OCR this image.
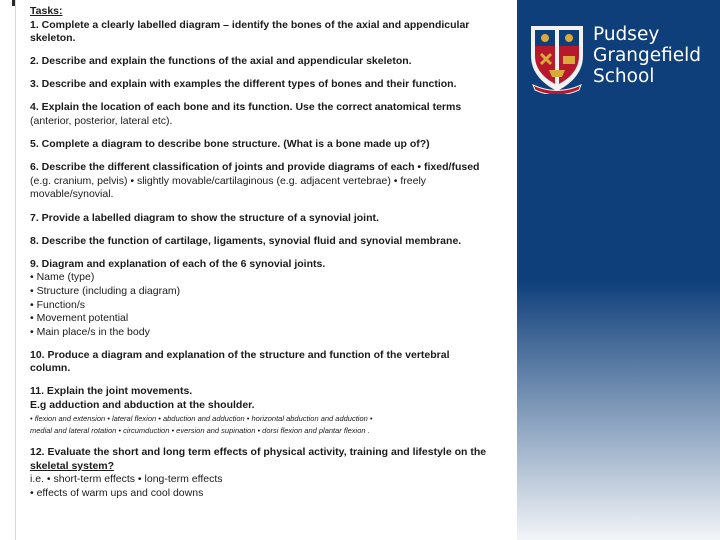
Pudsey
Grangefield
School
Tasks:
1. Complete a clearly labelled diagram – identify the bones of the axial and appendicular
skeleton.
2. Describe and explain the functions of the axial and appendicular skeleton.
3. Describe and explain with examples the different types of bones and their function.
4. Explain the location of each bone and its function. Use the correct anatomical terms
(anterior, posterior, lateral etc).
5. Complete a diagram to describe bone structure. (What is a bone made up of?)
6. Describe the different classification of joints and provide diagrams of each • fixed/fused
(e.g. cranium, pelvis) • slightly movable/cartilaginous (e.g. adjacent vertebrae) • freely
movable/synovial.
7. Provide a labelled diagram to show the structure of a synovial joint.
8. Describe the function of cartilage, ligaments, synovial fluid and synovial membrane.
9. Diagram and explanation of each of the 6 synovial joints.
• Name (type)
• Structure (including a diagram)
• Function/s
• Movement potential
• Main place/s in the body
10. Produce a diagram and explanation of the structure and function of the vertebral
column.
11. Explain the joint movements.
E.g adduction and abduction at the shoulder.
• flexion and extension • lateral flexion • abduction and adduction • horizontal abduction and adduction •
medial and lateral rotation • circumduction • eversion and supination • dorsi flexion and plantar flexion .
12. Evaluate the short and long term effects of physical activity, training and lifestyle on the
skeletal system?
i.e. • short-term effects • long-term effects
• effects of warm ups and cool downs
